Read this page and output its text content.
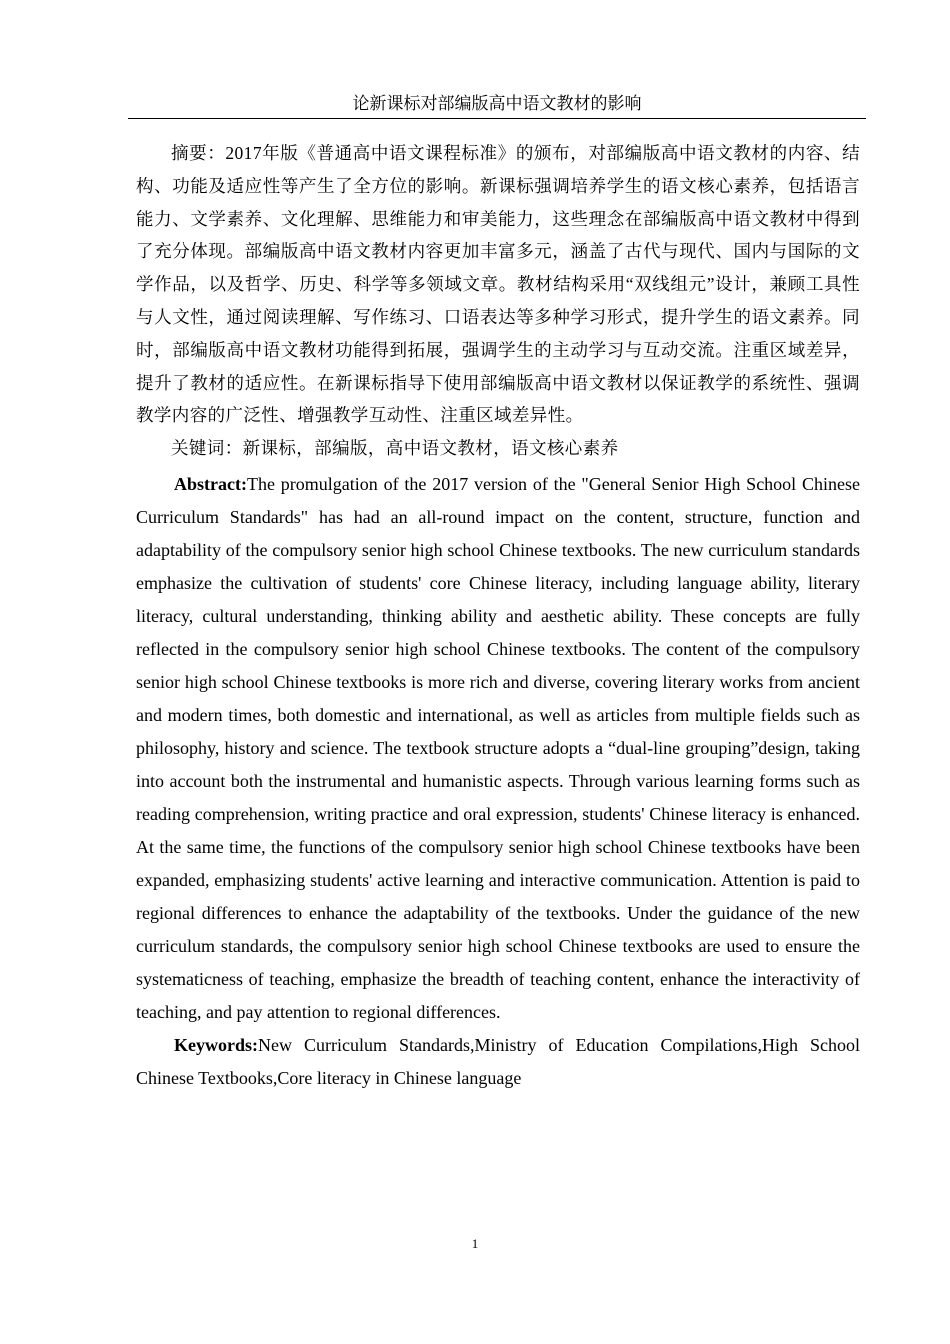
论新课标对部编版高中语文教材的影响

摘要：2017年版《普通高中语文课程标准》的颁布，对部编版高中语文教材的内容、结构、功能及适应性等产生了全方位的影响。新课标强调培养学生的语文核心素养，包括语言能力、文学素养、文化理解、思维能力和审美能力，这些理念在部编版高中语文教材中得到了充分体现。部编版高中语文教材内容更加丰富多元，涵盖了古代与现代、国内与国际的文学作品，以及哲学、历史、科学等多领域文章。教材结构采用“双线组元”设计，兼顾工具性与人文性，通过阅读理解、写作练习、口语表达等多种学习形式，提升学生的语文素养。同时，部编版高中语文教材功能得到拓展，强调学生的主动学习与互动交流。注重区域差异，提升了教材的适应性。在新课标指导下使用部编版高中语文教材以保证教学的系统性、强调教学内容的广泛性、增强教学互动性、注重区域差异性。

关键词：新课标，部编版，高中语文教材，语文核心素养

Abstract:The promulgation of the 2017 version of the "General Senior High School Chinese Curriculum Standards" has had an all-round impact on the content, structure, function and adaptability of the compulsory senior high school Chinese textbooks. The new curriculum standards emphasize the cultivation of students' core Chinese literacy, including language ability, literary literacy, cultural understanding, thinking ability and aesthetic ability. These concepts are fully reflected in the compulsory senior high school Chinese textbooks. The content of the compulsory senior high school Chinese textbooks is more rich and diverse, covering literary works from ancient and modern times, both domestic and international, as well as articles from multiple fields such as philosophy, history and science. The textbook structure adopts a “dual-line grouping”design, taking into account both the instrumental and humanistic aspects. Through various learning forms such as reading comprehension, writing practice and oral expression, students' Chinese literacy is enhanced. At the same time, the functions of the compulsory senior high school Chinese textbooks have been expanded, emphasizing students' active learning and interactive communication. Attention is paid to regional differences to enhance the adaptability of the textbooks. Under the guidance of the new curriculum standards, the compulsory senior high school Chinese textbooks are used to ensure the systematicness of teaching, emphasize the breadth of teaching content, enhance the interactivity of teaching, and pay attention to regional differences.

Keywords:New Curriculum Standards,Ministry of Education Compilations,High School Chinese Textbooks,Core literacy in Chinese language

1
